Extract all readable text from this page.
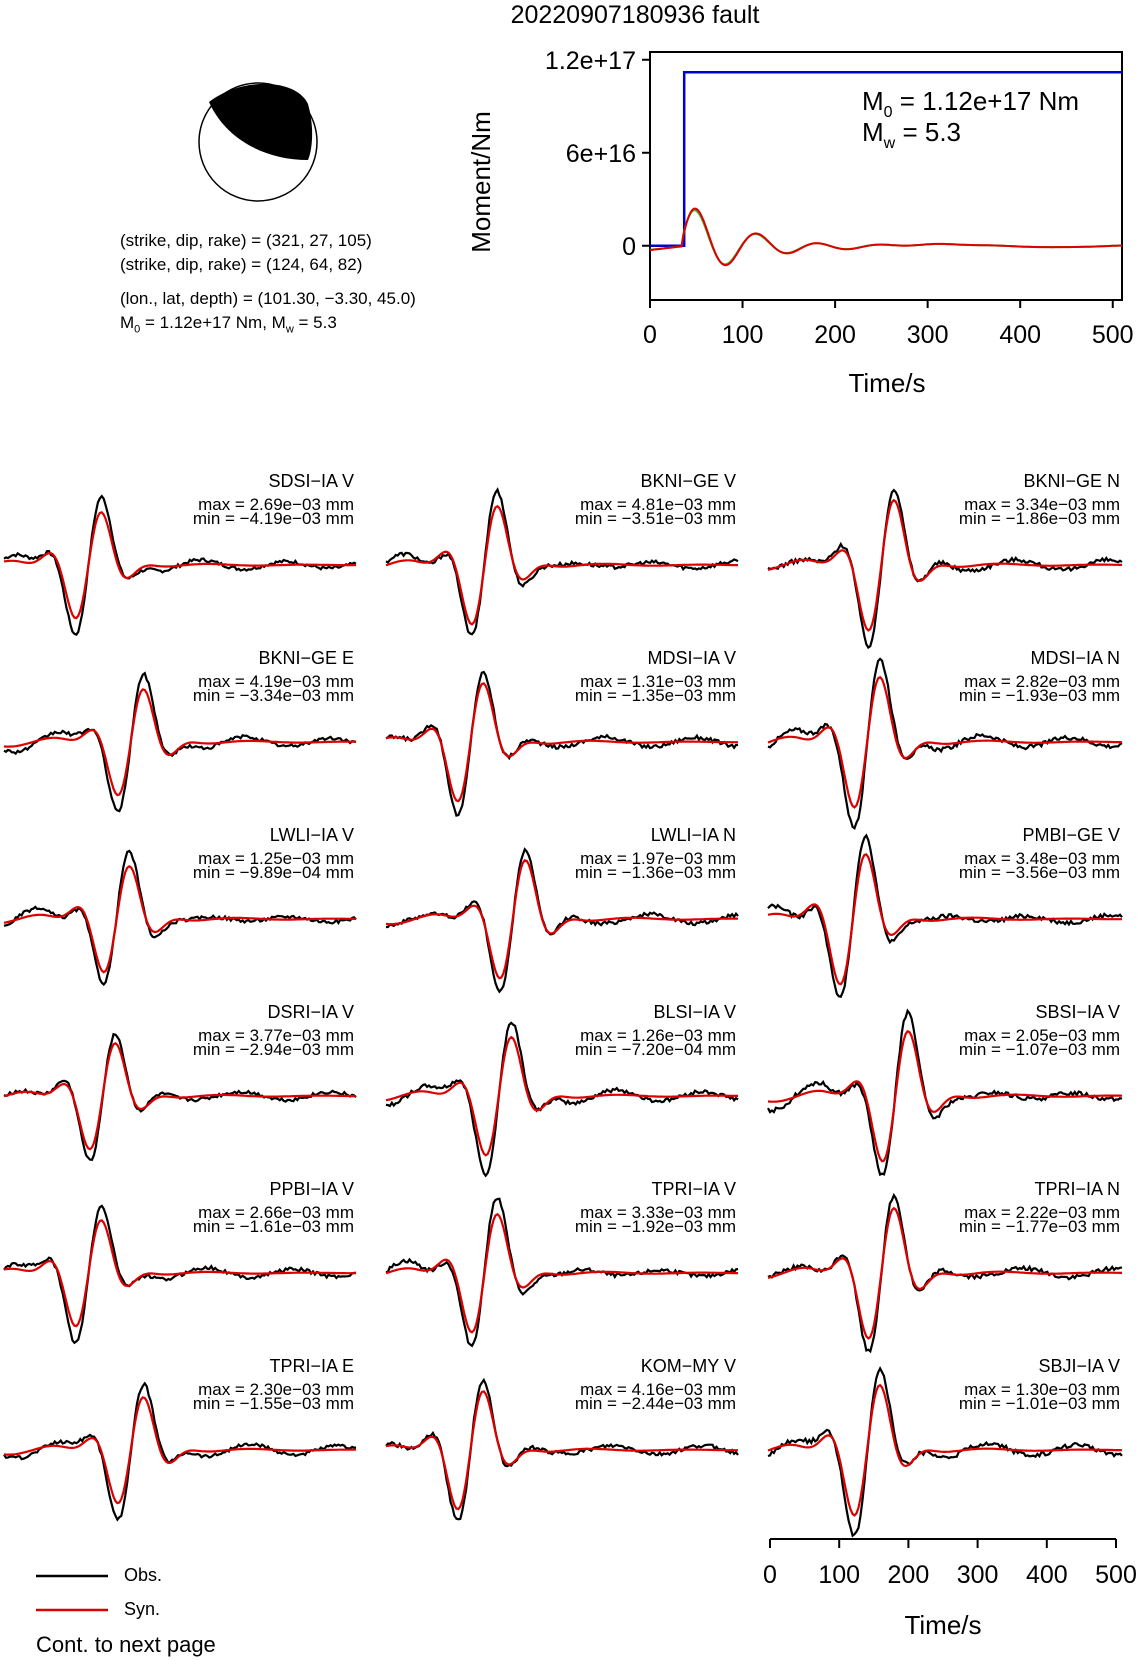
20220907180936 fault
(strike, dip, rake) = (321, 27, 105)
(strike, dip, rake) = (124, 64, 82)
(lon., lat, depth) = (101.30, −3.30, 45.0)
$M_0 = 1.12e+17$ Nm, $M_w = 5.3$
0
6e+16
1.2e+17
0	100 200 300 400 500
Moment/Nm
Time/s
$M_0 = 1.12e+17$ Nm
$M_w = 5.3$
SDSI−IA V
max = 2.69e−03 mm
min = −4.19e−03 mm
BKNI−GE V
max = 4.81e−03 mm
min = −3.51e−03 mm
BKNI−GE N
max = 3.34e−03 mm
min = −1.86e−03 mm
BKNI−GE E
max = 4.19e−03 mm
min = −3.34e−03 mm
MDSI−IA V
max = 1.31e−03 mm
min = −1.35e−03 mm
MDSI−IA N
max = 2.82e−03 mm
min = −1.93e−03 mm
LWLI−IA V
max = 1.25e−03 mm
min = −9.89e−04 mm
LWLI−IA N
max = 1.97e−03 mm
min = −1.36e−03 mm
PMBI−GE V
max = 3.48e−03 mm
min = −3.56e−03 mm
DSRI−IA V
max = 3.77e−03 mm
min = −2.94e−03 mm
BLSI−IA V
max = 1.26e−03 mm
min = −7.20e−04 mm
SBSI−IA V
max = 2.05e−03 mm
min = −1.07e−03 mm
PPBI−IA V
max = 2.66e−03 mm
min = −1.61e−03 mm
TPRI−IA V
max = 3.33e−03 mm
min = −1.92e−03 mm
TPRI−IA N
max = 2.22e−03 mm
min = −1.77e−03 mm
TPRI−IA E
max = 2.30e−03 mm
min = −1.55e−03 mm
KOM−MY V
max = 4.16e−03 mm
min = −2.44e−03 mm
SBJI−IA V
max = 1.30e−03 mm
min = −1.01e−03 mm
0 100 200 300 400 500
Time/s
Obs.
Syn.
Cont. to next page
